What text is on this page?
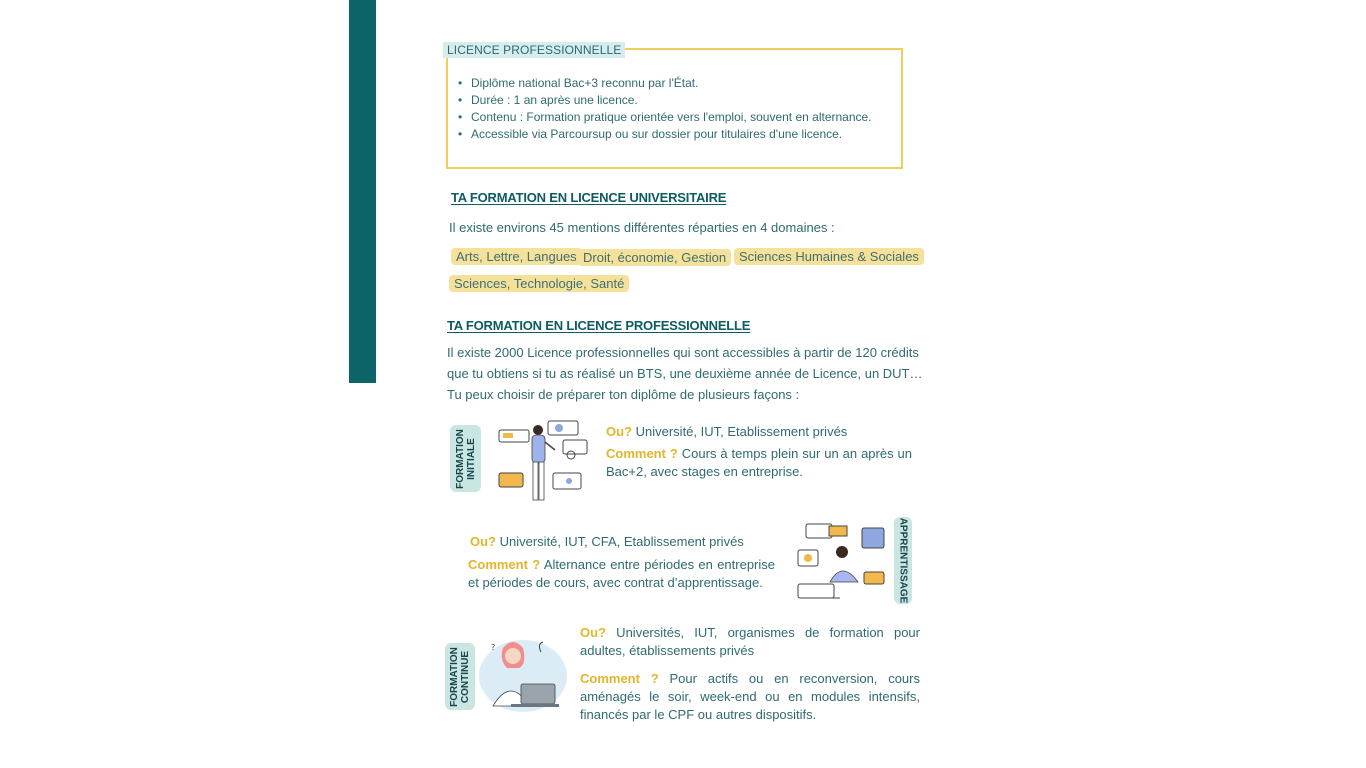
LICENCE PROFESSIONNELLE
• Diplôme national Bac+3 reconnu par l'État.
• Durée : 1 an après une licence.
• Contenu : Formation pratique orientée vers l'emploi, souvent en alternance.
• Accessible via Parcoursup ou sur dossier pour titulaires d'une licence.
TA FORMATION EN LICENCE UNIVERSITAIRE
Il existe environs 45 mentions différentes réparties en 4 domaines :
Arts, Lettre, Langues Droit, économie, Gestion Sciences Humaines & Sociales
Sciences, Technologie, Santé
TA FORMATION EN LICENCE PROFESSIONNELLE
Il existe 2000 Licence professionnelles qui sont accessibles à partir de 120 crédits
que tu obtiens si tu as réalisé un BTS, une deuxième année de Licence, un DUT…
Tu peux choisir de préparer ton diplôme de plusieurs façons :
FORMATION INITIALE
Ou? Université, IUT, Etablissement privés
Comment ? Cours à temps plein sur un an après un Bac+2, avec stages en entreprise.
Ou? Université, IUT, CFA, Etablissement privés
Comment ? Alternance entre périodes en entreprise et périodes de cours, avec contrat d’apprentissage.	APPRENTISSAGE
FORMATION CONTINUE
?
Ou? Universités, IUT, organismes de formation pour adultes, établissements privés
Comment ? Pour actifs ou en reconversion, cours aménagés le soir, week-end ou en modules intensifs, financés par le CPF ou autres dispositifs.
